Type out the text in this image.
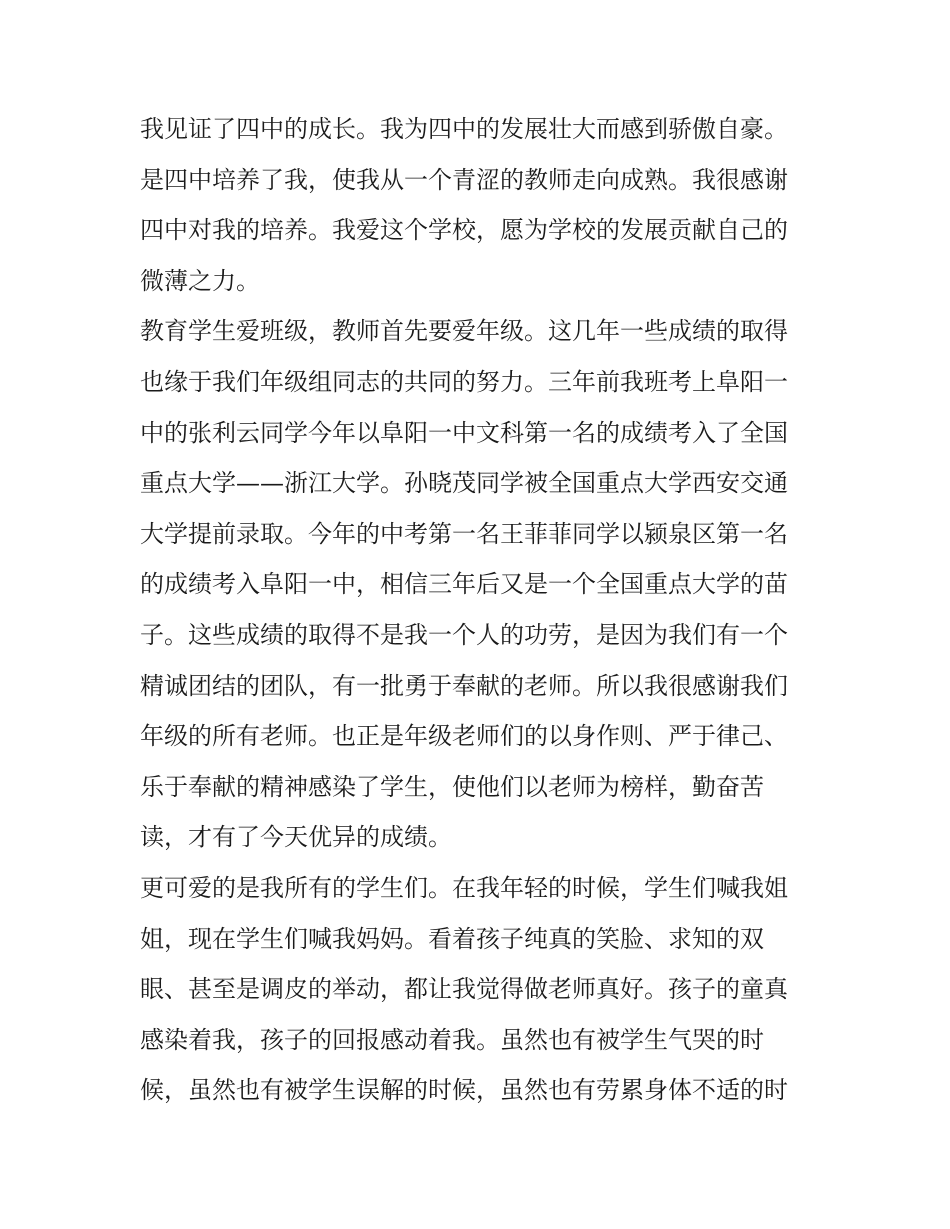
我见证了四中的成长。我为四中的发展壮大而感到骄傲自豪。
是四中培养了我，使我从一个青涩的教师走向成熟。我很感谢
四中对我的培养。我爱这个学校，愿为学校的发展贡献自己的
微薄之力。
教育学生爱班级，教师首先要爱年级。这几年一些成绩的取得
也缘于我们年级组同志的共同的努力。三年前我班考上阜阳一
中的张利云同学今年以阜阳一中文科第一名的成绩考入了全国
重点大学——浙江大学。孙晓茂同学被全国重点大学西安交通
大学提前录取。今年的中考第一名王菲菲同学以颍泉区第一名
的成绩考入阜阳一中，相信三年后又是一个全国重点大学的苗
子。这些成绩的取得不是我一个人的功劳，是因为我们有一个
精诚团结的团队，有一批勇于奉献的老师。所以我很感谢我们
年级的所有老师。也正是年级老师们的以身作则、严于律己、
乐于奉献的精神感染了学生，使他们以老师为榜样，勤奋苦
读，才有了今天优异的成绩。
更可爱的是我所有的学生们。在我年轻的时候，学生们喊我姐
姐，现在学生们喊我妈妈。看着孩子纯真的笑脸、求知的双
眼、甚至是调皮的举动，都让我觉得做老师真好。孩子的童真
感染着我，孩子的回报感动着我。虽然也有被学生气哭的时
候，虽然也有被学生误解的时候，虽然也有劳累身体不适的时
